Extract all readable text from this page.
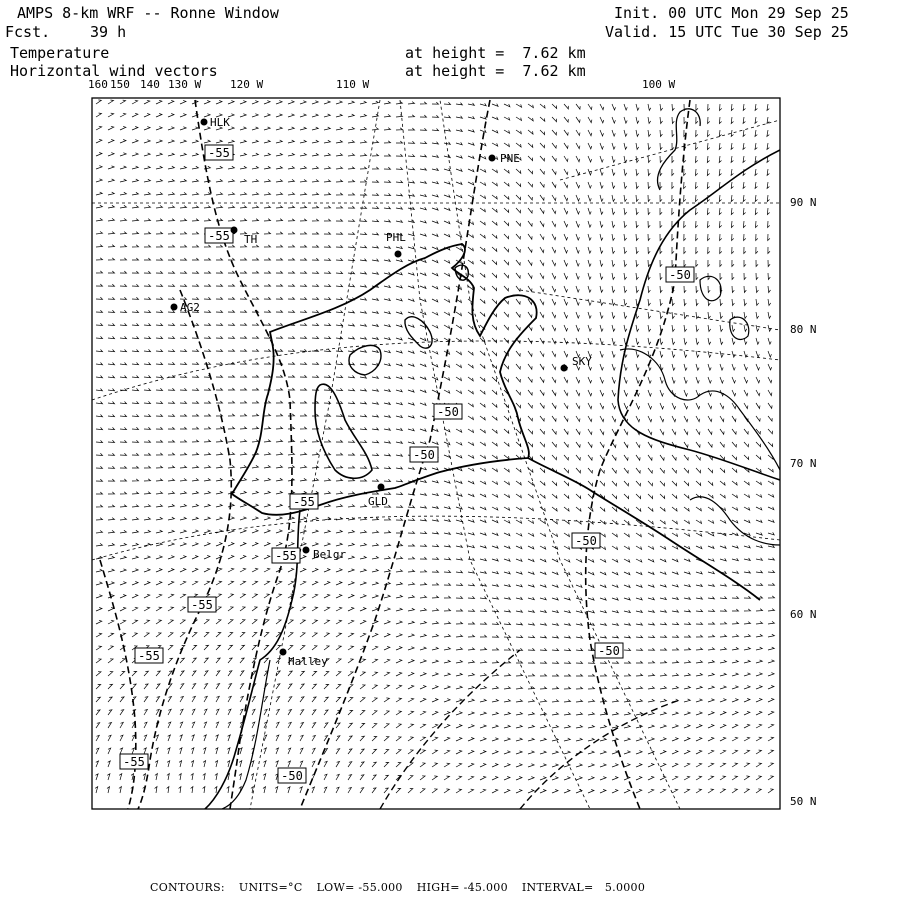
AMPS 8-km WRF -- Ronne Window
Fcst.	39 h
Init. 00 UTC Mon 29 Sep 25
Valid. 15 UTC Tue 30 Sep 25
Temperature	at height =  7.62 km
Horizontal wind vectors	at height =  7.62 km
160 150 140 130 W	120 W	110 W	100 W
90 N
80 N
70 N
60 N
50 N
-55
-55
-55
-55
-55
-55
-55
-50
-50
-50
-50
-50
-50
HLK
PNE
TH	PHL
AG2
SKY
GLD
Belgr
Halley
CONTOURS: UNITS=°C LOW= -55.000 HIGH= -45.000 INTERVAL=   5.0000
